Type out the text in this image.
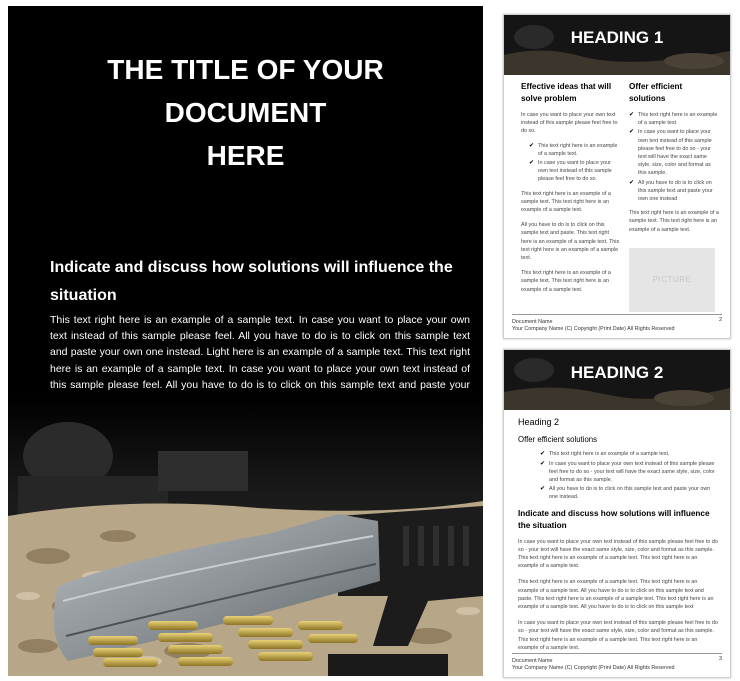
THE TITLE OF YOUR
DOCUMENT
HERE
Indicate and discuss how solutions will influence the situation
This text right here is an example of a sample text. In case you want to place your own text instead of this sample please feel. All you have to do is to click on this sample text and paste your own one instead. Light here is an example of a sample text. This text right here is an example of a sample text. In case you want to place your own text instead of this sample please feel. All you have to do is to click on this sample text and paste your
HEADING 1
Effective ideas that will solve problem
In case you want to place your own text instead of this sample please feel free to do so.
✔ This text right here is an example of a sample text.
✔ In case you want to place your own text instead of this sample please feel free to do so.
This text right here is an example of a sample text. This text right here is an example of a sample text.
All you have to do is to click on this sample text and paste. This text right here is an example of a sample text. This text right here is an example of a sample text.
This text right here is an example of a sample text. This text right here is an example of a sample text.
Offer efficient solutions
✔ This text right here is an example of a sample text.
✔ In case you want to place your own text instead of this sample please feel free to do so - your text will have the exact same style, size, color and format as this sample.
✔ All you have to do is to click on this sample text and paste your own one instead
This text right here is an example of a sample text. This text right here is an example of a sample text.
PICTURE
Document Name
Your Company Name (C) Copyright (Print Date) All Rights Reserved
2
HEADING 2
Heading 2
Offer efficient solutions
✔ This text right here is an example of a sample text.
✔ In case you want to place your own text instead of this sample please feel free to do so - your text will have the exact same style, size, color and format as this sample.
✔ All you have to do is to click on this sample text and paste your own one instead.
Indicate and discuss how solutions will influence the situation

In case you want to place your own text instead of this sample please feel free to do so - your text will have the exact same style, size, color and format as this sample. This text right here is an example of a sample text. This text right here is an example of a sample text.

This text right here is an example of a sample text. This text right here is an example of a sample text. All you have to do is to click on this sample text and paste. This text right here is an example of a sample text. This text right here is an example of a sample text. All you have to do is to click on this sample text

In case you want to place your own text instead of this sample please feel free to do so - your text will have the exact same style, size, color and format as this sample. This text right here is an example of a sample text. This text right here is an example of a sample text.

Document Name
Your Company Name (C) Copyright (Print Date) All Rights Reserved
3
